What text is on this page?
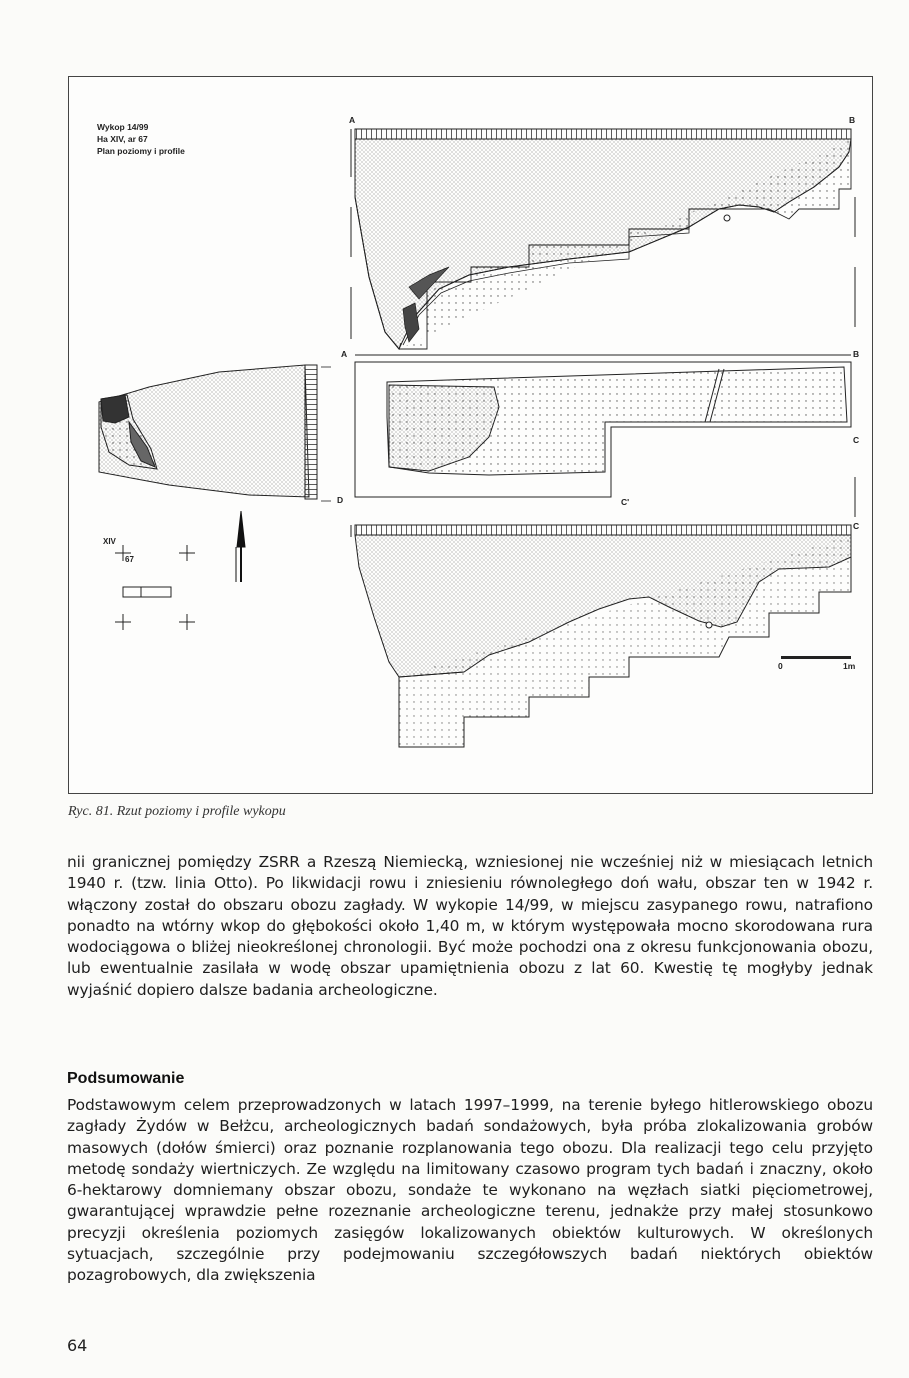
Wykop 14/99
Ha XIV, ar 67
Plan poziomy i profile
A	B
A	B
C
C'
D
C
XIV
67
0	1m
Ryc. 81. Rzut poziomy i profile wykopu
nii granicznej pomiędzy ZSRR a Rzeszą Niemiecką, wzniesionej nie wcześniej niż w miesiącach letnich 1940 r. (tzw. linia Otto). Po likwidacji rowu i zniesieniu równoległego doń wału, obszar ten w 1942 r. włączony został do obszaru obozu zagłady. W wykopie 14/99, w miejscu zasypanego rowu, natrafiono ponadto na wtórny wkop do głębokości około 1,40 m, w którym występowała mocno skorodowana rura wodociągowa o bliżej nieokreślonej chronologii. Być może pochodzi ona z okresu funkcjonowania obozu, lub ewentualnie zasilała w wodę obszar upamiętnienia obozu z lat 60. Kwestię tę mogłyby jednak wyjaśnić dopiero dalsze badania archeologiczne.
Podsumowanie
Podstawowym celem przeprowadzonych w latach 1997–1999, na terenie byłego hitlerowskiego obozu zagłady Żydów w Bełżcu, archeologicznych badań sondażowych, była próba zlokalizowania grobów masowych (dołów śmierci) oraz poznanie rozplanowania tego obozu. Dla realizacji tego celu przyjęto metodę sondaży wiertniczych. Ze względu na limitowany czasowo program tych badań i znaczny, około 6-hektarowy domniemany obszar obozu, sondaże te wykonano na węzłach siatki pięciometrowej, gwarantującej wprawdzie pełne rozeznanie archeologiczne terenu, jednakże przy małej stosunkowo precyzji określenia poziomych zasięgów lokalizowanych obiektów kulturowych. W określonych sytuacjach, szczególnie przy podejmowaniu szczegółowszych badań niektórych obiektów pozagrobowych, dla zwiększenia
64
